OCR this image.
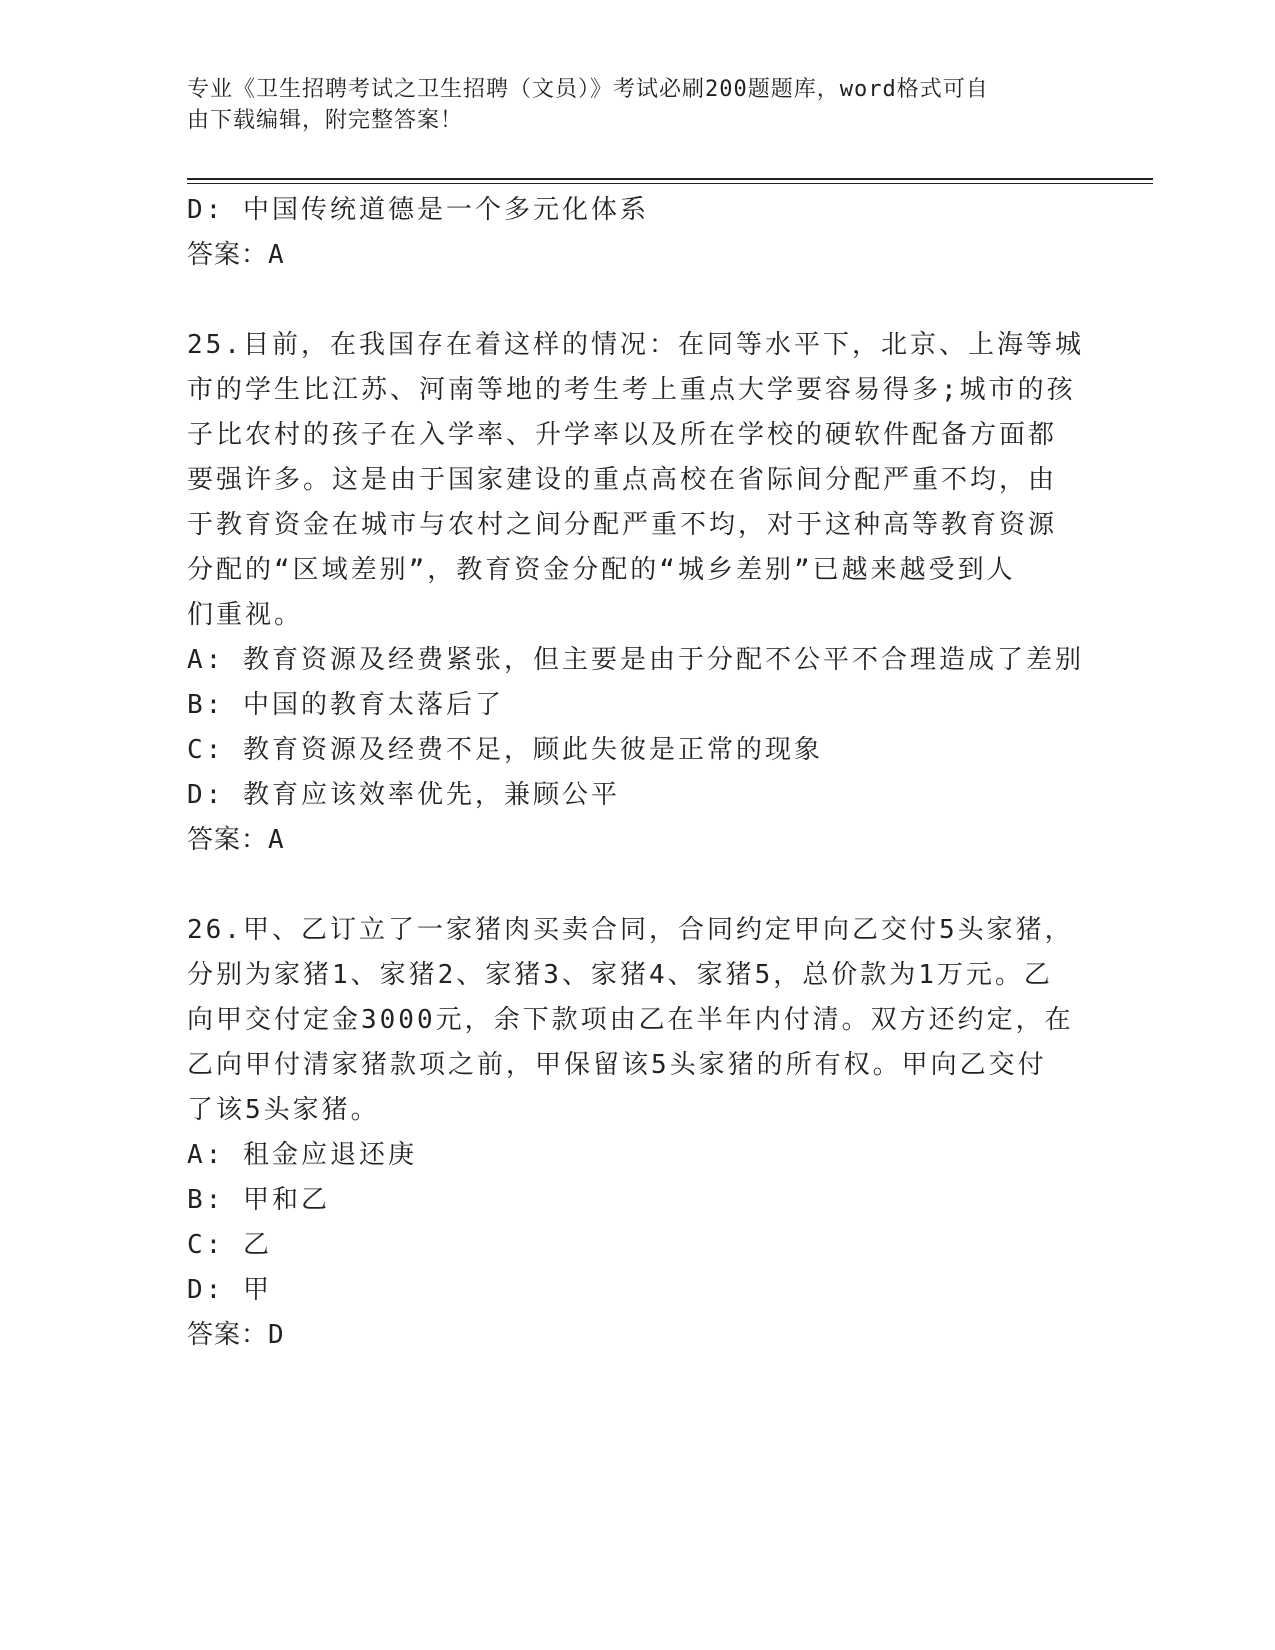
专业《卫生招聘考试之卫生招聘（文员）》考试必刷200题题库，word格式可自
由下载编辑，附完整答案！
D: 中国传统道德是一个多元化体系
答案：A
25.目前，在我国存在着这样的情况：在同等水平下，北京、上海等城
市的学生比江苏、河南等地的考生考上重点大学要容易得多;城市的孩
子比农村的孩子在入学率、升学率以及所在学校的硬软件配备方面都
要强许多。这是由于国家建设的重点高校在省际间分配严重不均，由
于教育资金在城市与农村之间分配严重不均，对于这种高等教育资源
分配的“区域差别”，教育资金分配的“城乡差别”已越来越受到人
们重视。
A: 教育资源及经费紧张，但主要是由于分配不公平不合理造成了差别
B: 中国的教育太落后了
C: 教育资源及经费不足，顾此失彼是正常的现象
D: 教育应该效率优先，兼顾公平
答案：A
26.甲、乙订立了一家猪肉买卖合同，合同约定甲向乙交付5头家猪，
分别为家猪1、家猪2、家猪3、家猪4、家猪5，总价款为1万元。乙
向甲交付定金3000元，余下款项由乙在半年内付清。双方还约定，在
乙向甲付清家猪款项之前，甲保留该5头家猪的所有权。甲向乙交付
了该5头家猪。
A: 租金应退还庚
B: 甲和乙
C: 乙
D: 甲
答案：D
